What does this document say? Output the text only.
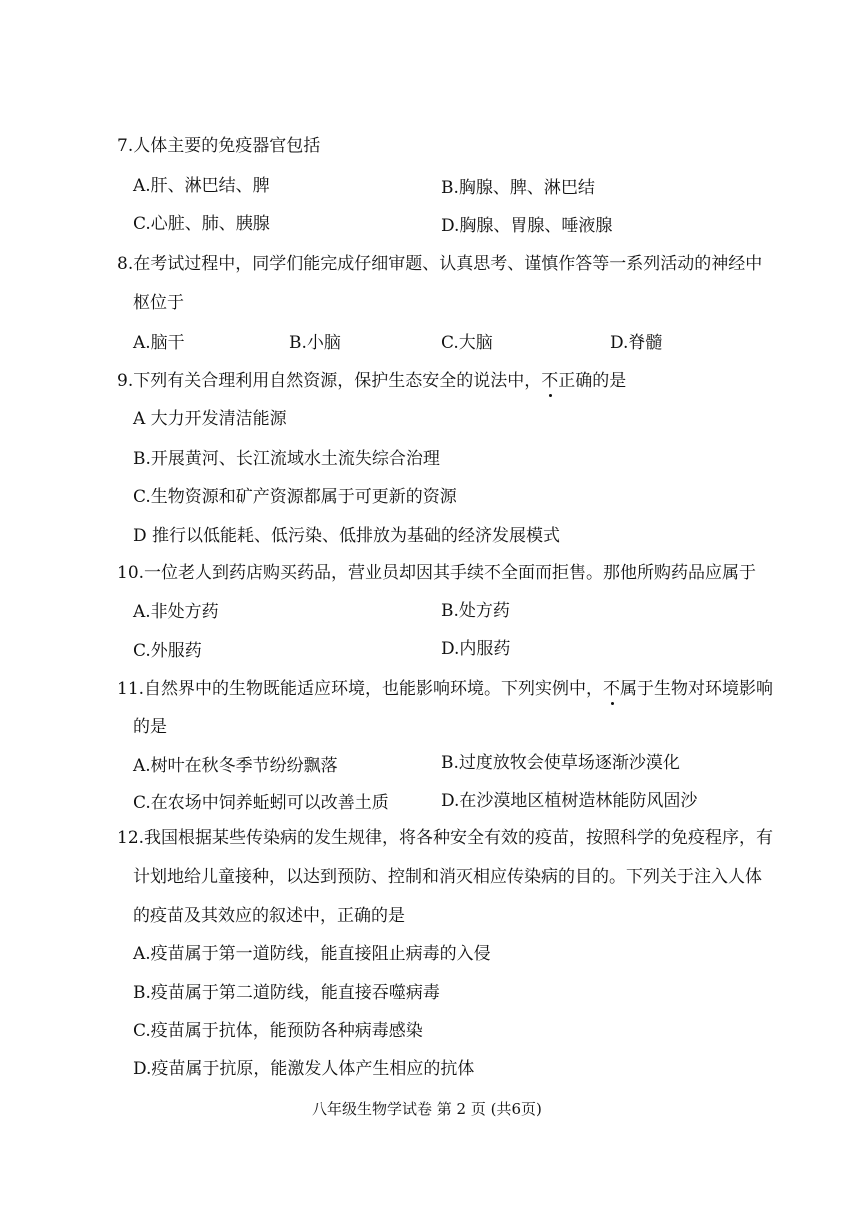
7.人体主要的免疫器官包括
A.肝、淋巴结、脾	B.胸腺、脾、淋巴结
C.心脏、肺、胰腺	D.胸腺、胃腺、唾液腺
8.在考试过程中，同学们能完成仔细审题、认真思考、谨慎作答等一系列活动的神经中
枢位于
A.脑干	B.小脑	C.大脑	D.脊髓
9.下列有关合理利用自然资源，保护生态安全的说法中，不正确的是
A 大力开发清洁能源
B.开展黄河、长江流域水土流失综合治理
C.生物资源和矿产资源都属于可更新的资源
D 推行以低能耗、低污染、低排放为基础的经济发展模式
10.一位老人到药店购买药品，营业员却因其手续不全面而拒售。那他所购药品应属于
A.非处方药	B.处方药
C.外服药	D.内服药
11.自然界中的生物既能适应环境，也能影响环境。下列实例中，不属于生物对环境影响
的是
A.树叶在秋冬季节纷纷飘落	B.过度放牧会使草场逐渐沙漠化
C.在农场中饲养蚯蚓可以改善土质	D.在沙漠地区植树造林能防风固沙
12.我国根据某些传染病的发生规律，将各种安全有效的疫苗，按照科学的免疫程序，有
计划地给儿童接种，以达到预防、控制和消灭相应传染病的目的。下列关于注入人体
的疫苗及其效应的叙述中，正确的是
A.疫苗属于第一道防线，能直接阻止病毒的入侵
B.疫苗属于第二道防线，能直接吞噬病毒
C.疫苗属于抗体，能预防各种病毒感染
D.疫苗属于抗原，能激发人体产生相应的抗体
八年级生物学试卷 第 2 页 (共6页)
